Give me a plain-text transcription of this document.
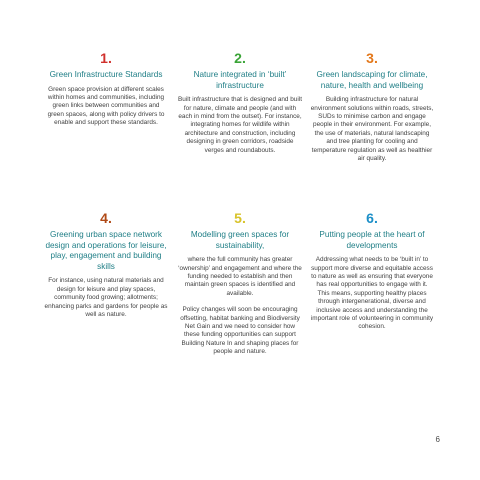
1.
Green Infrastructure Standards

Green space provision at different scales within homes and communities, including green links between communities and green spaces, along with policy drivers to enable and support these standards.

2.
Nature integrated in ‘built’ infrastructure

Built infrastructure that is designed and built for nature, climate and people (and with each in mind from the outset). For instance, integrating homes for wildlife within architecture and construction, including designing in green corridors, roadside verges and roundabouts.

3.
Green landscaping for climate, nature, health and wellbeing

Building infrastructure for natural environment solutions within roads, streets, SUDs to minimise carbon and engage people in their environment. For example, the use of materials, natural landscaping and tree planting for cooling and temperature regulation as well as healthier air quality.

4.
Greening urban space network design and operations for leisure, play, engagement and building skills

For instance, using natural materials and design for leisure and play spaces, community food growing; allotments; enhancing parks and gardens for people as well as nature.

5.
Modelling green spaces for sustainability,

where the full community has greater ‘ownership’ and engagement and where the funding needed to establish and then maintain green spaces is identified and available.

Policy changes will soon be encouraging offsetting, habitat banking and Biodiversity Net Gain and we need to consider how these funding opportunities can support Building Nature In and shaping places for people and nature.

6.
Putting people at the heart of developments

Addressing what needs to be ‘built in’ to support more diverse and equitable access to nature as well as ensuring that everyone has real opportunities to engage with it. This means, supporting healthy places through intergenerational, diverse and inclusive access and understanding the important role of volunteering in community cohesion.

6
